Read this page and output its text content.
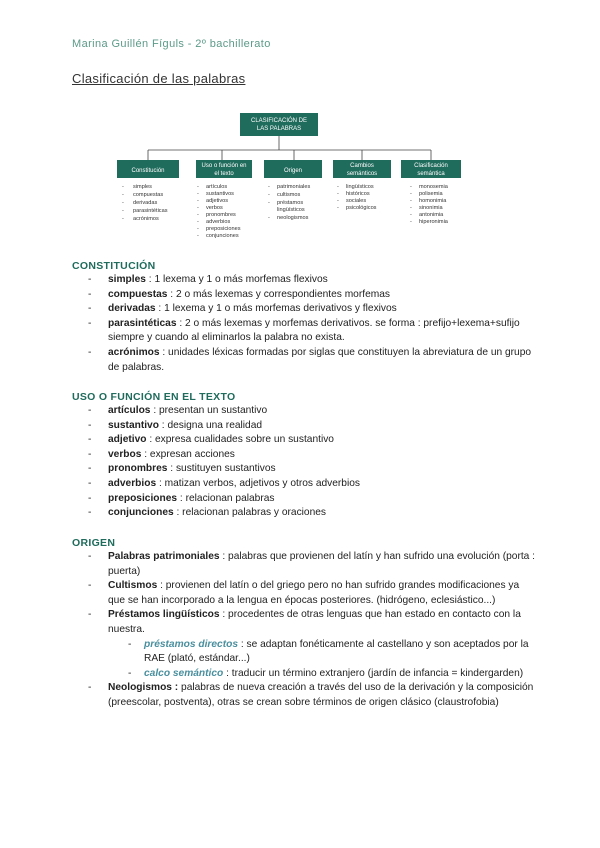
Marina Guillén Fíguls - 2º bachillerato
Clasificación de las palabras
CLASIFICACIÓN DE
LAS PALABRAS
Constitución
Uso o función en
el texto	Origen
Cambios
semánticos
Clasificación
semántica
- simples
- compuestas
- derivadas
- parasintéticas
- acrónimos
- artículos
- sustantivos
- adjetivos
- verbos
- pronombres
- adverbios
- preposiciones
- conjunciones
- patrimoniales
- cultismos
- préstamos
lingüísticos
- neologismos
- lingüísticos
- históricos
- sociales
- psicológicos
- monosemia
- polisemia
- homonimia
- sinonimia
- antonimia
- hiperonimia
CONSTITUCIÓN
- simples : 1 lexema y 1 o más morfemas flexivos
- compuestas : 2 o más lexemas y correspondientes morfemas
- derivadas : 1 lexema y 1 o más morfemas derivativos y flexivos
- parasintéticas : 2 o más lexemas y morfemas derivativos. se forma : prefijo+lexema+sufijo siempre y cuando al eliminarlos la palabra no exista.
- acrónimos : unidades léxicas formadas por siglas que constituyen la abreviatura de un grupo de palabras.
USO O FUNCIÓN EN EL TEXTO
- artículos : presentan un sustantivo
- sustantivo : designa una realidad
- adjetivo : expresa cualidades sobre un sustantivo
- verbos : expresan acciones
- pronombres : sustituyen sustantivos
- adverbios : matizan verbos, adjetivos y otros adverbios
- preposiciones : relacionan palabras
- conjunciones : relacionan palabras y oraciones
ORIGEN
- Palabras patrimoniales : palabras que provienen del latín y han sufrido una evolución (porta : puerta)
- Cultismos : provienen del latín o del griego pero no han sufrido grandes modificaciones ya que se han incorporado a la lengua en épocas posteriores. (hidrógeno, eclesiástico...)
- Préstamos lingüísticos : procedentes de otras lenguas que han estado en contacto con la nuestra.
- préstamos directos : se adaptan fonéticamente al castellano y son aceptados por la RAE (plató, estándar...)
- calco semántico : traducir un término extranjero (jardín de infancia = kindergarden)
- Neologismos : palabras de nueva creación a través del uso de la derivación y la composición (preescolar, postventa), otras se crean sobre términos de origen clásico (claustrofobia)
